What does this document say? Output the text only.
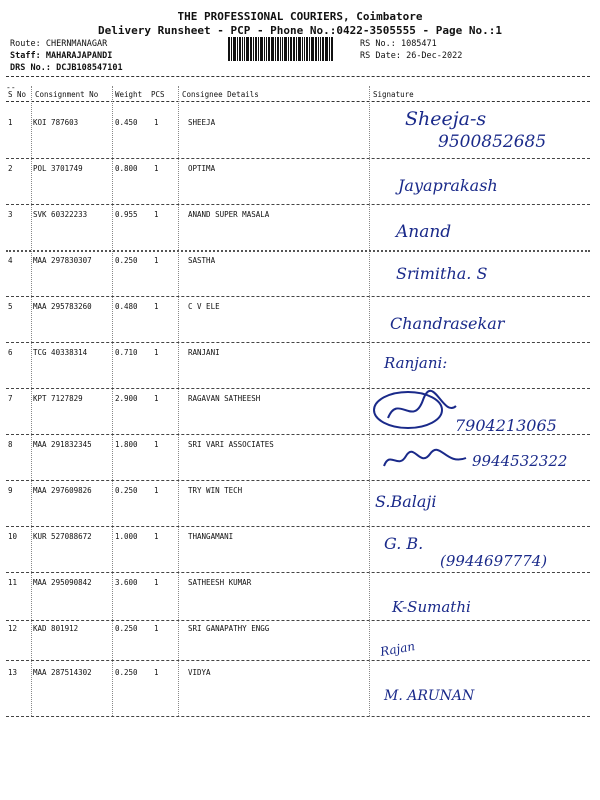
THE PROFESSIONAL COURIERS, Coimbatore
Delivery Runsheet - PCP - Phone No.:0422-3505555 - Page No.:1
Route: CHERNMANAGAR
Staff: MAHARAJAPANDI
DRS No.: DCJB108547101
RS No.: 1085471
RS Date: 26-Dec-2022
--
S No Consignment No Weight PCS Consignee Details	Signature
1	KOI 787603	0.450 1	SHEEJA	Sheeja-s
9500852685
2	POL 3701749	0.800 1	OPTIMA
Jayaprakash
3	SVK 60322233	0.955 1	ANAND SUPER MASALA
Anand
4	MAA 297830307	0.250 1	SASTHA
Srimitha. S
5	MAA 295783260	0.480 1	C V ELE
Chandrasekar
6	TCG 40338314	0.710 1	RANJANI
Ranjani:
7	KPT 7127829	2.900 1	RAGAVAN SATHEESH
7904213065
8	MAA 291832345	1.800 1	SRI VARI ASSOCIATES
9944532322
9	MAA 297609826	0.250 1	TRY WIN TECH
S.Balaji
10 KUR 527088672	1.000 1	THANGAMANI	G. B.
(9944697774)
11 MAA 295090842	3.600 1	SATHEESH KUMAR
K-Sumathi
12 KAD 801912	0.250 1	SRI GANAPATHY ENGG
Rajan
13 MAA 287514302	0.250 1	VIDYA
M. ARUNAN
